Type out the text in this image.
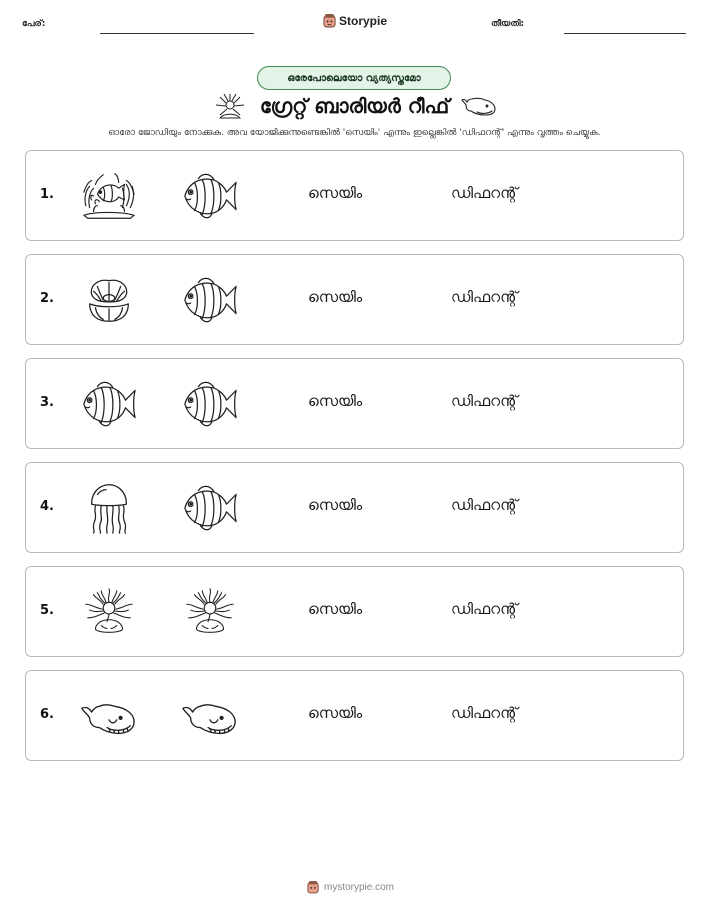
പേര്:	Storypie	തീയതി:
ഒരേപോലെയോ വ്യത്യസ്തമോ
ഗ്രേറ്റ് ബാരിയർ റീഫ്
ഓരോ ജോഡിയും നോക്കുക. അവ യോജിക്കുന്നുണ്ടെങ്കിൽ 'സെയിം' എന്നും ഇല്ലെങ്കിൽ 'ഡിഫറന്റ്' എന്നും വൃത്തം ചെയ്യുക.
1.	സെയിം	ഡിഫറന്റ്
2.	സെയിം	ഡിഫറന്റ്
3.	സെയിം	ഡിഫറന്റ്
4.	സെയിം	ഡിഫറന്റ്
5.	സെയിം	ഡിഫറന്റ്
6.	സെയിം	ഡിഫറന്റ്
mystorypie.com
